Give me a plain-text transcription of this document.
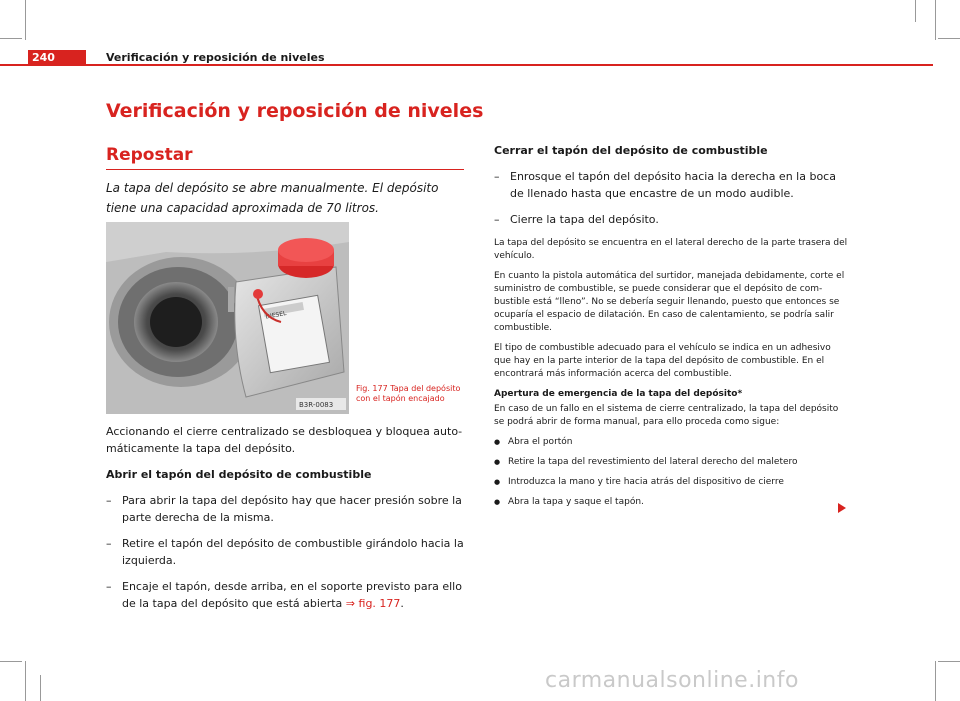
240	Verificación y reposición de niveles
Verificación y reposición de niveles
Repostar
La tapa del depósito se abre manualmente. El depósito tiene una capacidad aproximada de 70 litros.
DIESEL
B3R-0083
Fig. 177 Tapa del depósito con el tapón encajado

Accionando el cierre centralizado se desbloquea y bloquea automáticamente la tapa del depósito.

Abrir el tapón del depósito de combustible

– Para abrir la tapa del depósito hay que hacer presión sobre la parte derecha de la misma.
– Retire el tapón del depósito de combustible girándolo hacia la izquierda.
– Encaje el tapón, desde arriba, en el soporte previsto para ello de la tapa del depósito que está abierta ⇒ fig. 177.

Cerrar el tapón del depósito de combustible

– Enrosque el tapón del depósito hacia la derecha en la boca de llenado hasta que encastre de un modo audible.
– Cierre la tapa del depósito.

La tapa del depósito se encuentra en el lateral derecho de la parte trasera del vehículo.

En cuanto la pistola automática del surtidor, manejada debidamente, corte el suministro de combustible, se puede considerar que el depósito de combustible está “lleno”. No se debería seguir llenando, puesto que entonces se ocuparía el espacio de dilatación. En caso de calentamiento, se podría salir combustible.

El tipo de combustible adecuado para el vehículo se indica en un adhesivo que hay en la parte interior de la tapa del depósito de combustible. En el encontrará más información acerca del combustible.

Apertura de emergencia de la tapa del depósito*

En caso de un fallo en el sistema de cierre centralizado, la tapa del depósito se podrá abrir de forma manual, para ello proceda como sigue:

● Abra el portón
● Retire la tapa del revestimiento del lateral derecho del maletero
● Introduzca la mano y tire hacia atrás del dispositivo de cierre
● Abra la tapa y saque el tapón.
carmanualsonline.info
